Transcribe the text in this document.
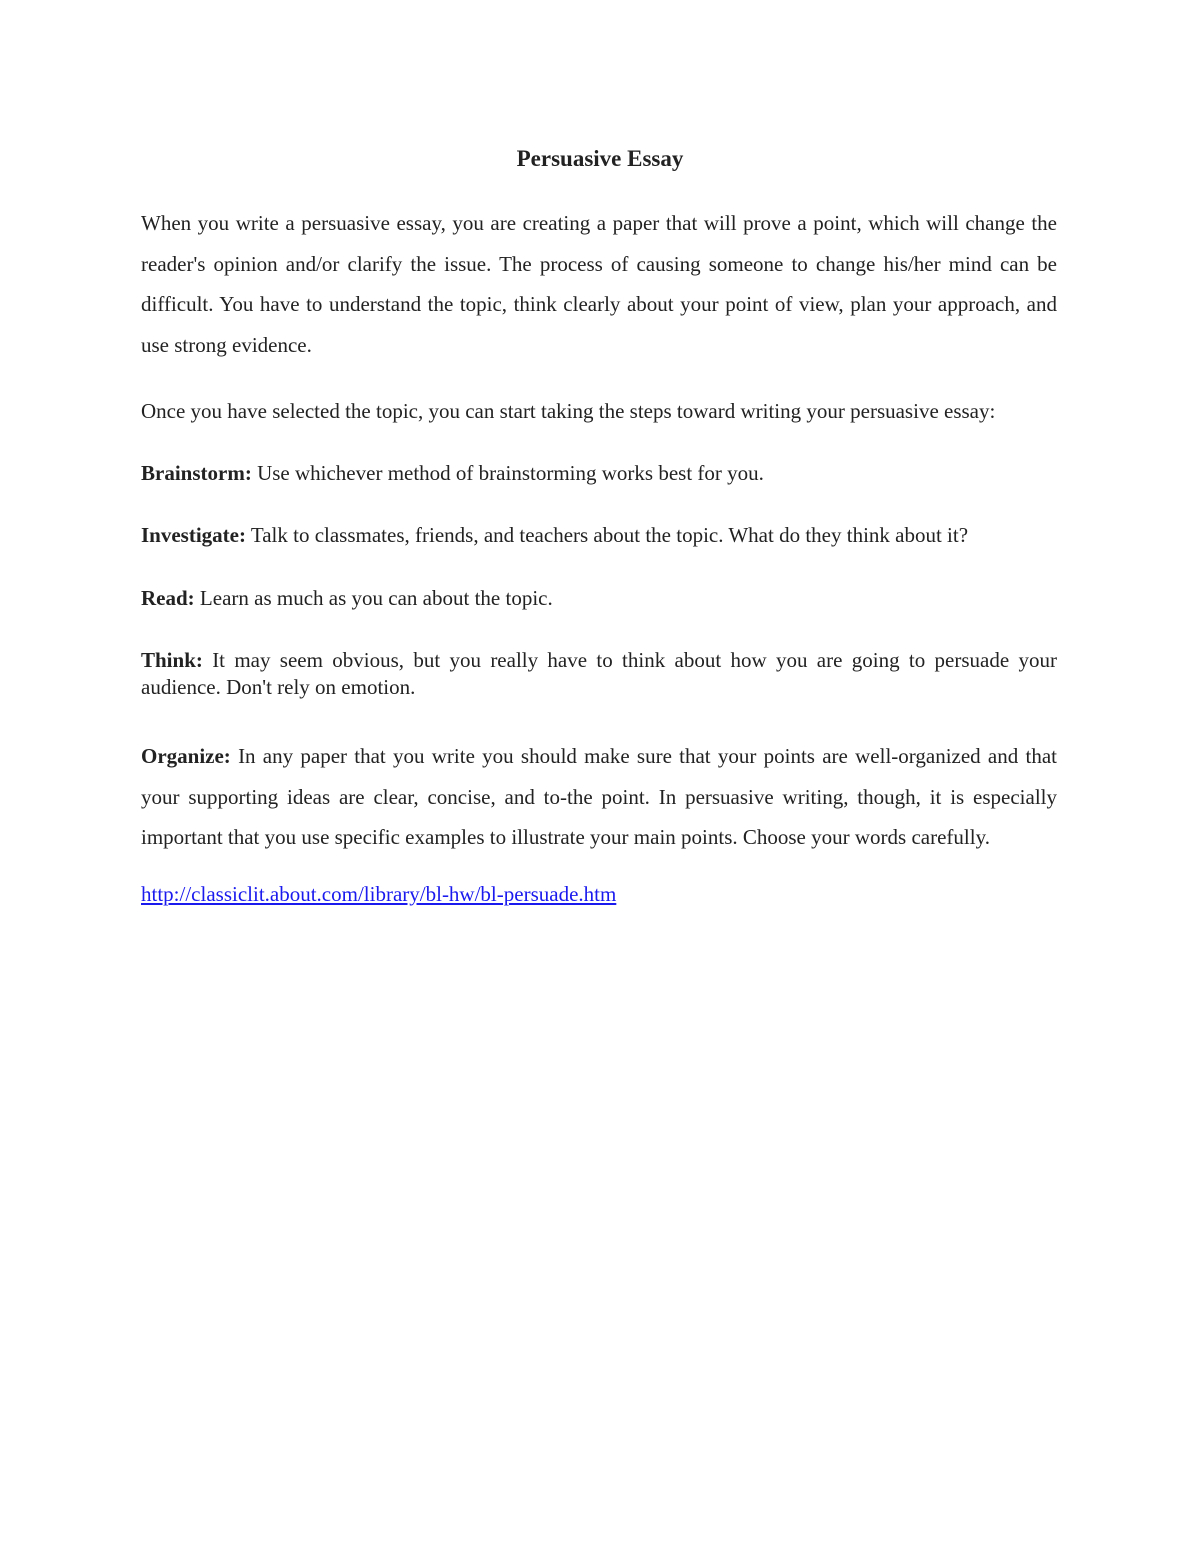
Persuasive Essay

When you write a persuasive essay, you are creating a paper that will prove a point, which will change the reader's opinion and/or clarify the issue. The process of causing someone to change his/her mind can be difficult. You have to understand the topic, think clearly about your point of view, plan your approach, and use strong evidence.

Once you have selected the topic, you can start taking the steps toward writing your persuasive essay:

Brainstorm: Use whichever method of brainstorming works best for you.

Investigate: Talk to classmates, friends, and teachers about the topic. What do they think about it?

Read: Learn as much as you can about the topic.

Think: It may seem obvious, but you really have to think about how you are going to persuade your audience. Don't rely on emotion.

Organize: In any paper that you write you should make sure that your points are well-organized and that your supporting ideas are clear, concise, and to-the point. In persuasive writing, though, it is especially important that you use specific examples to illustrate your main points. Choose your words carefully.

http://classiclit.about.com/library/bl-hw/bl-persuade.htm
